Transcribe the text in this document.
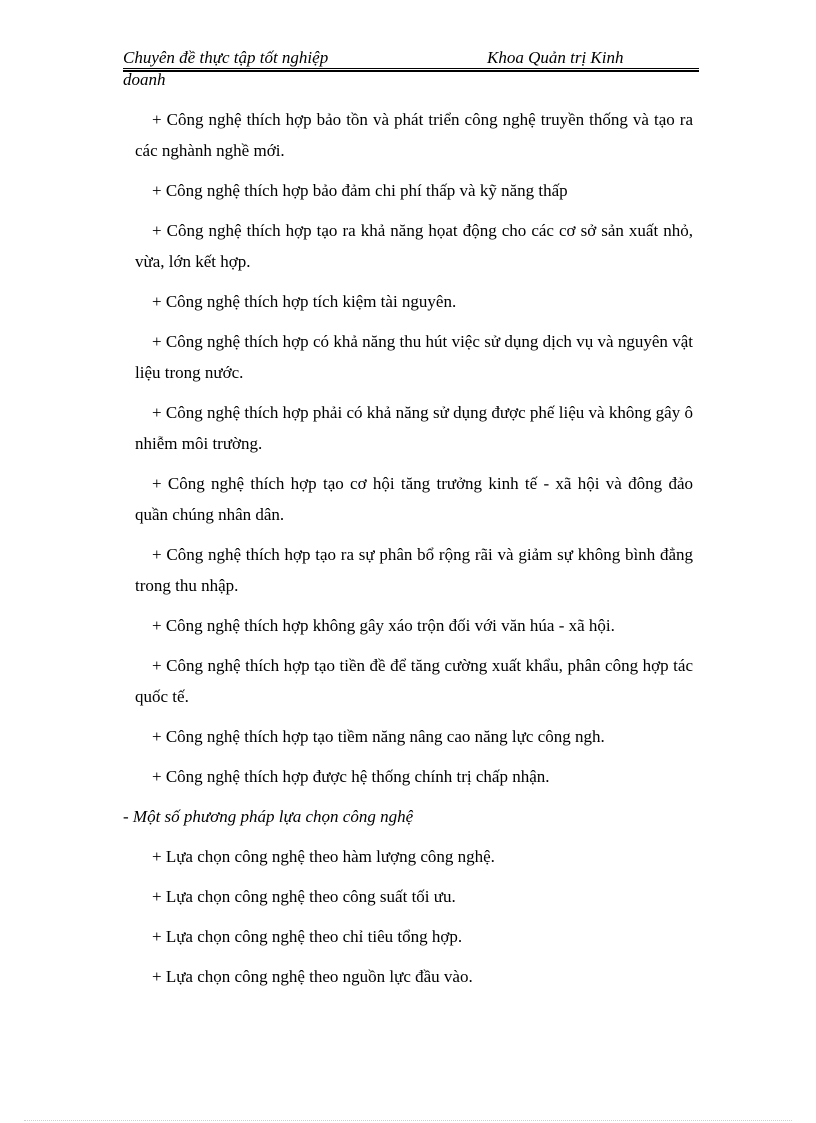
Chuyên đề thực tập tốt nghiệp	Khoa Quản trị Kinh
doanh

+ Công nghệ thích hợp bảo tồn và phát triển công nghệ truyền thống và tạo ra các nghành nghề mới.

+ Công nghệ thích hợp bảo đảm chi phí thấp và kỹ năng thấp

+ Công nghệ thích hợp tạo ra khả năng họat động cho các cơ sở sản xuất nhỏ, vừa, lớn kết hợp.

+ Công nghệ thích hợp tích kiệm tài nguyên.

+ Công nghệ thích hợp có khả năng thu hút việc sử dụng dịch vụ và nguyên vật liệu trong nước.

+ Công nghệ thích hợp phải có khả năng sử dụng được phế liệu và không gây ô nhiễm môi trường.

+ Công nghệ thích hợp tạo cơ hội tăng trưởng kinh tế - xã hội và đông đảo quần chúng nhân dân.

+ Công nghệ thích hợp tạo ra sự phân bổ rộng rãi và giảm sự không bình đẳng trong thu nhập.

+ Công nghệ thích hợp không gây xáo trộn đối với văn húa - xã hội.

+ Công nghệ thích hợp tạo tiền đề để tăng cường xuất khẩu, phân công hợp tác quốc tế.

+ Công nghệ thích hợp tạo tiềm năng nâng cao năng lực công ngh.

+ Công nghệ thích hợp được hệ thống chính trị chấp nhận.

- Một số phương pháp lựa chọn công nghệ

+ Lựa chọn công nghệ theo hàm lượng công nghệ.

+ Lựa chọn công nghệ theo công suất tối ưu.

+ Lựa chọn công nghệ theo chỉ tiêu tổng hợp.

+ Lựa chọn công nghệ theo nguồn lực đầu vào.
